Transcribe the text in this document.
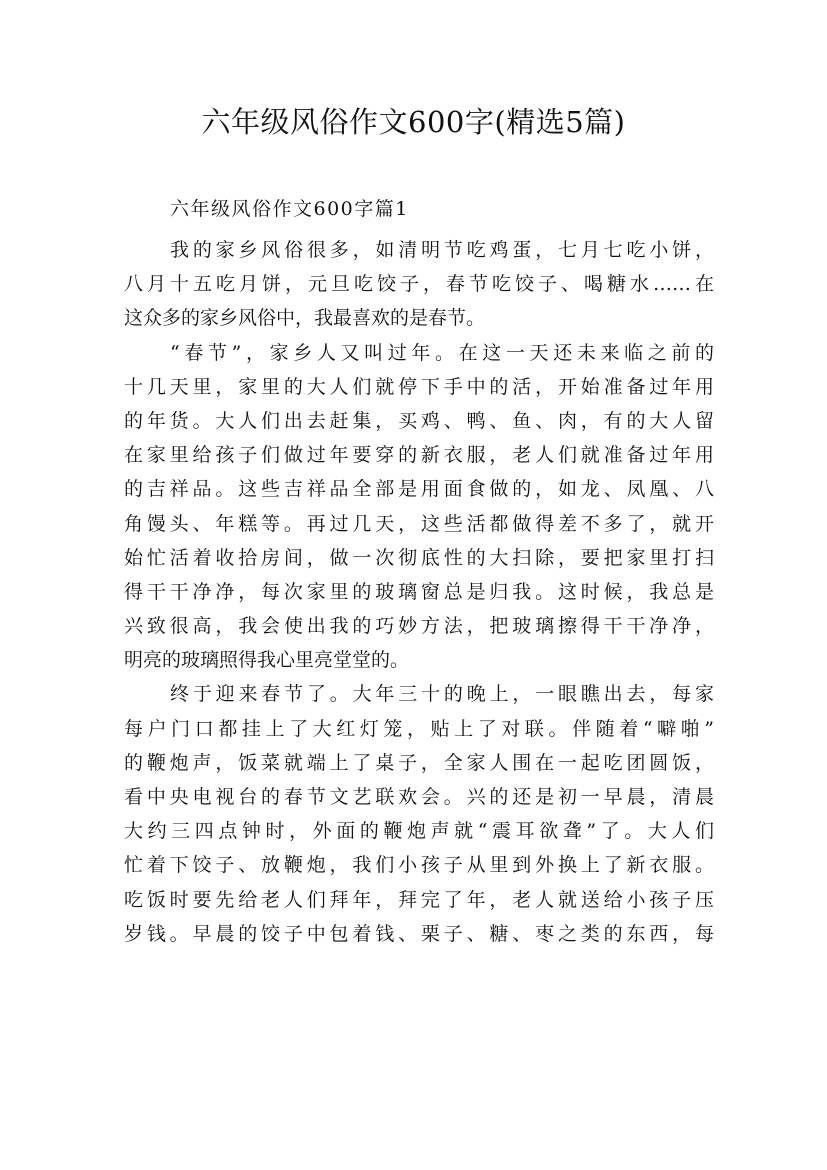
六年级风俗作文600字(精选5篇)
六年级风俗作文600字篇1
我的家乡风俗很多，如清明节吃鸡蛋，七月七吃小饼，
八月十五吃月饼，元旦吃饺子，春节吃饺子、喝糖水……在
这众多的家乡风俗中，我最喜欢的是春节。
“春节”，家乡人又叫过年。在这一天还未来临之前的
十几天里，家里的大人们就停下手中的活，开始准备过年用
的年货。大人们出去赶集，买鸡、鸭、鱼、肉，有的大人留
在家里给孩子们做过年要穿的新衣服，老人们就准备过年用
的吉祥品。这些吉祥品全部是用面食做的，如龙、凤凰、八
角馒头、年糕等。再过几天，这些活都做得差不多了，就开
始忙活着收拾房间，做一次彻底性的大扫除，要把家里打扫
得干干净净，每次家里的玻璃窗总是归我。这时候，我总是
兴致很高，我会使出我的巧妙方法，把玻璃擦得干干净净，
明亮的玻璃照得我心里亮堂堂的。
终于迎来春节了。大年三十的晚上，一眼瞧出去，每家
每户门口都挂上了大红灯笼，贴上了对联。伴随着“噼啪”
的鞭炮声，饭菜就端上了桌子，全家人围在一起吃团圆饭，
看中央电视台的春节文艺联欢会。兴的还是初一早晨，清晨
大约三四点钟时，外面的鞭炮声就“震耳欲聋”了。大人们
忙着下饺子、放鞭炮，我们小孩子从里到外换上了新衣服。
吃饭时要先给老人们拜年，拜完了年，老人就送给小孩子压
岁钱。早晨的饺子中包着钱、栗子、糖、枣之类的东西，每
